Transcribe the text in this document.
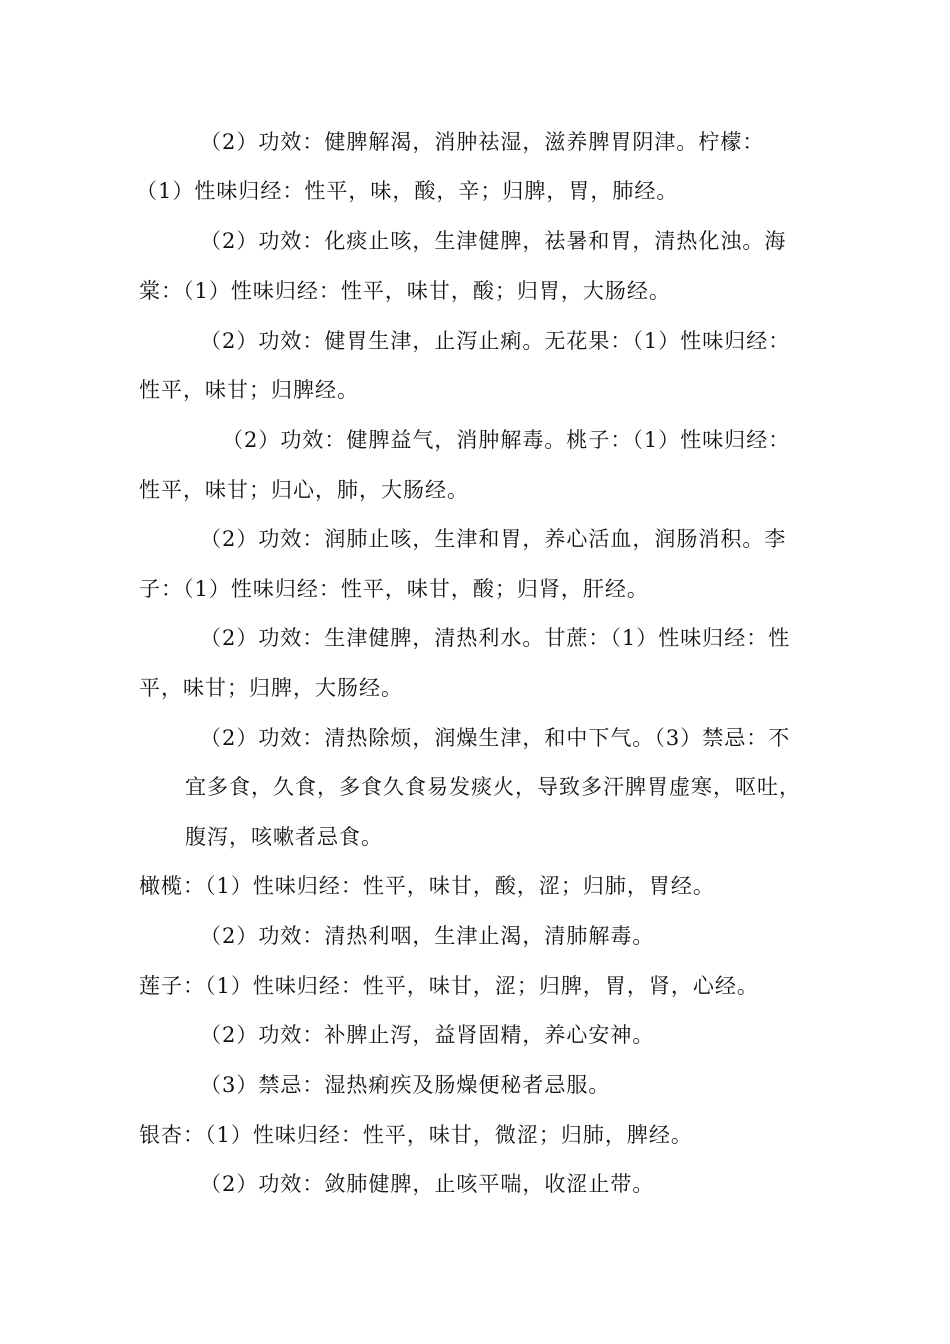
（2）功效：健脾解渴，消肿祛湿，滋养脾胃阴津。柠檬：
（1）性味归经：性平，味，酸，辛；归脾，胃，肺经。
（2）功效：化痰止咳，生津健脾，祛暑和胃，清热化浊。海
棠：（1）性味归经：性平，味甘，酸；归胃，大肠经。
（2）功效：健胃生津，止泻止痢。无花果：（1）性味归经：
性平，味甘；归脾经。
（2）功效：健脾益气，消肿解毒。桃子：（1）性味归经：
性平，味甘；归心，肺，大肠经。
（2）功效：润肺止咳，生津和胃，养心活血，润肠消积。李
子：（1）性味归经：性平，味甘，酸；归肾，肝经。
（2）功效：生津健脾，清热利水。甘蔗：（1）性味归经：性
平，味甘；归脾，大肠经。
（2）功效：清热除烦，润燥生津，和中下气。（3）禁忌：不
宜多食，久食，多食久食易发痰火，导致多汗脾胃虚寒，呕吐，
腹泻，咳嗽者忌食。
橄榄：（1）性味归经：性平，味甘，酸，涩；归肺，胃经。
（2）功效：清热利咽，生津止渴，清肺解毒。
莲子：（1）性味归经：性平，味甘，涩；归脾，胃，肾，心经。
（2）功效：补脾止泻，益肾固精，养心安神。
（3）禁忌：湿热痢疾及肠燥便秘者忌服。
银杏：（1）性味归经：性平，味甘，微涩；归肺，脾经。
（2）功效：敛肺健脾，止咳平喘，收涩止带。
